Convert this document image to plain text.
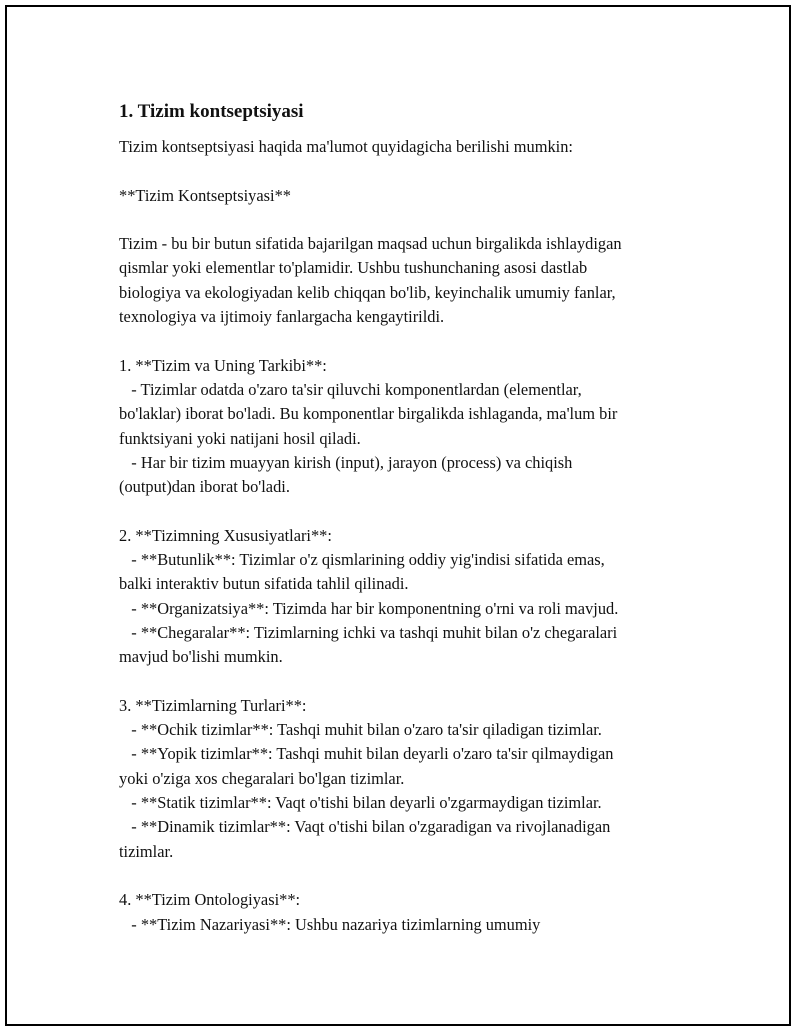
1. Tizim kontseptsiyasi
Tizim kontseptsiyasi haqida ma'lumot quyidagicha berilishi mumkin:
**Tizim Kontseptsiyasi**
Tizim - bu bir butun sifatida bajarilgan maqsad uchun birgalikda ishlaydigan
qismlar yoki elementlar to'plamidir. Ushbu tushunchaning asosi dastlab
biologiya va ekologiyadan kelib chiqqan bo'lib, keyinchalik umumiy fanlar,
texnologiya va ijtimoiy fanlargacha kengaytirildi.
1. **Tizim va Uning Tarkibi**:
- Tizimlar odatda o'zaro ta'sir qiluvchi komponentlardan (elementlar,
bo'laklar) iborat bo'ladi. Bu komponentlar birgalikda ishlaganda, ma'lum bir
funktsiyani yoki natijani hosil qiladi.
- Har bir tizim muayyan kirish (input), jarayon (process) va chiqish
(output)dan iborat bo'ladi.
2. **Tizimning Xususiyatlari**:
- **Butunlik**: Tizimlar o'z qismlarining oddiy yig'indisi sifatida emas,
balki interaktiv butun sifatida tahlil qilinadi.
- **Organizatsiya**: Tizimda har bir komponentning o'rni va roli mavjud.
- **Chegaralar**: Tizimlarning ichki va tashqi muhit bilan o'z chegaralari
mavjud bo'lishi mumkin.
3. **Tizimlarning Turlari**:
- **Ochik tizimlar**: Tashqi muhit bilan o'zaro ta'sir qiladigan tizimlar.
- **Yopik tizimlar**: Tashqi muhit bilan deyarli o'zaro ta'sir qilmaydigan
yoki o'ziga xos chegaralari bo'lgan tizimlar.
- **Statik tizimlar**: Vaqt o'tishi bilan deyarli o'zgarmaydigan tizimlar.
- **Dinamik tizimlar**: Vaqt o'tishi bilan o'zgaradigan va rivojlanadigan
tizimlar.
4. **Tizim Ontologiyasi**:
- **Tizim Nazariyasi**: Ushbu nazariya tizimlarning umumiy
